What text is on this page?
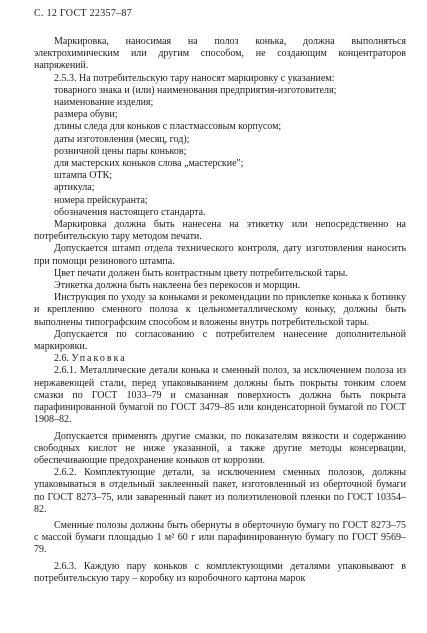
С. 12 ГОСТ 22357–87

Маркировка, наносимая на полоз конька, должна выполняться электрохимическим или другим способом, не создающим концентраторов напряжений.

2.5.3. На потребительскую тару наносят маркировку с указанием:

товарного знака и (или) наименования предприятия-изготовителя;

наименование изделия;

размера обуви;

длины следа для коньков с пластмассовым корпусом;

даты изготовления (месяц, год);

розничной цены пары коньков;

для мастерских коньков слова „мастерские";

штампа ОТК;

артикула;

номера прейскуранта;

обозначения настоящего стандарта.

Маркировка должна быть нанесена на этикетку или непосредственно на потребительскую тару методом печати.

Допускается штамп отдела технического контроля, дату изготовления наносить при помощи резинового штампа.

Цвет печати должен быть контрастным цвету потребительской тары.

Этикетка должна быть наклеена без перекосов и морщин.

Инструкция по уходу за коньками и рекомендации по приклепке конька к ботинку и креплению сменного полоза к цельнометаллическому коньку, должны быть выполнены типографским способом и вложены внутрь потребительской тары.

Допускается по согласованию с потребителем нанесение дополнительной маркировки.

2.6. Упаковка

2.6.1. Металлические детали конька и сменный полоз, за исключением полоза из нержавеющей стали, перед упаковыванием должны быть покрыты тонким слоем смазки по ГОСТ 1033–79 и смазанная поверхность должна быть покрыта парафинированной бумагой по ГОСТ 3479–85 или конденсаторной бумагой по ГОСТ 1908–82.

Допускается применять другие смазки, по показателям вязкости и содержанию свободных кислот не ниже указанной, а также другие методы консервации, обеспечивающие предохранение коньков от коррозии.

2.6.2. Комплектующие детали, за исключением сменных полозов, должны упаковываться в отдельный заклеенный пакет, изготовленный из оберточной бумаги по ГОСТ 8273–75, или заваренный пакет из полиэтиленовой пленки по ГОСТ 10354–82.

Сменные полозы должны быть обернуты в оберточную бумагу по ГОСТ 8273–75 с массой бумаги площадью 1 м² 60 г или парафинированную бумагу по ГОСТ 9569–79.

2.6.3. Каждую пару коньков с комплектующими деталями упаковывают в потребительскую тару – коробку из коробочного картона марок
